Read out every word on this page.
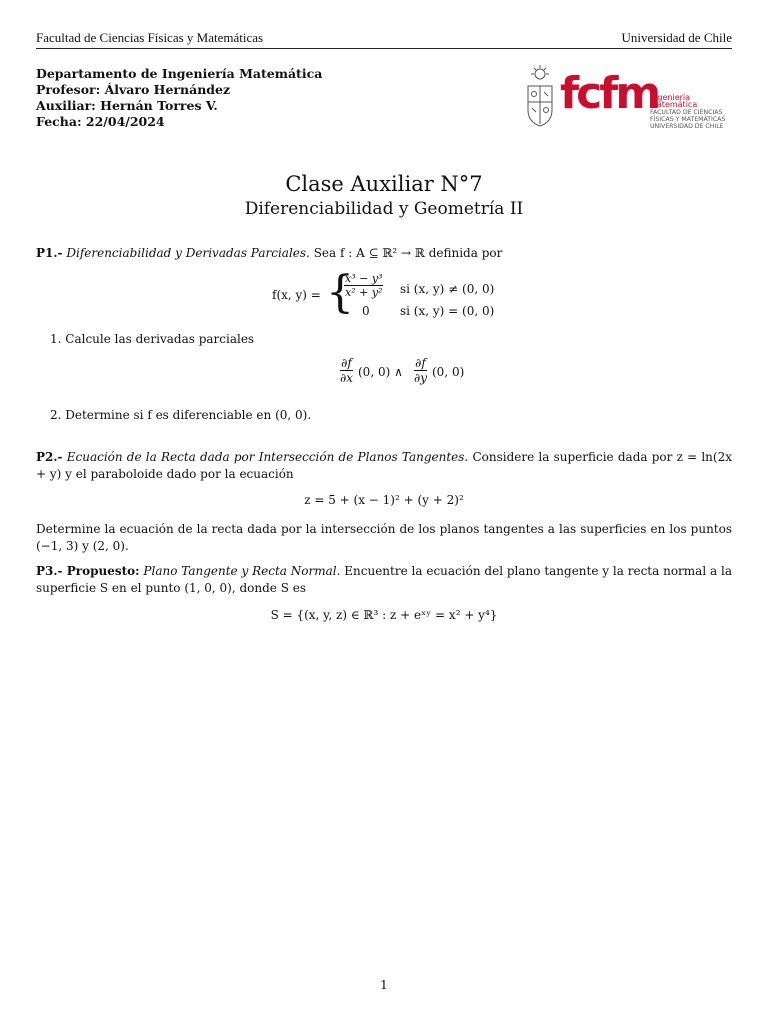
Facultad de Ciencias Físicas y Matemáticas	Universidad de Chile
Departamento de Ingeniería Matemática
Profesor: Álvaro Hernández
Auxiliar: Hernán Torres V.
Fecha: 22/04/2024
fcfm
Ingeniería Matemática
FACULTAD DE CIENCIAS
FÍSICAS Y MATEMÁTICAS
UNIVERSIDAD DE CHILE
Clase Auxiliar N°7
Diferenciabilidad y Geometría II
P1.- Diferenciabilidad y Derivadas Parciales. Sea f : A ⊆ ℝ² → ℝ definida por
f(x, y) = {
$\frac{\text{x³ − y³}}{\text{x² + y²}}$ si (x, y) ≠ (0, 0)
0	si (x, y) = (0, 0)
1. Calcule las derivadas parciales
$\frac{\partial f}{\partial x} (0$, 0) ∧ $\frac{\partial f}{\partial y} (0$, 0)
2. Determine si f es diferenciable en (0, 0).
P2.- Ecuación de la Recta dada por Intersección de Planos Tangentes. Considere la superficie dada por z = ln(2x + y) y el paraboloide dado por la ecuación
z = 5 + (x − 1)² + (y + 2)²
Determine la ecuación de la recta dada por la intersección de los planos tangentes a las superficies en los puntos (−1, 3) y (2, 0).
P3.- Propuesto: Plano Tangente y Recta Normal. Encuentre la ecuación del plano tangente y la recta normal a la superficie S en el punto (1, 0, 0), donde S es
S = {(x, y, z) ∈ ℝ³ : z + eˣʸ = x² + y⁴}
1
